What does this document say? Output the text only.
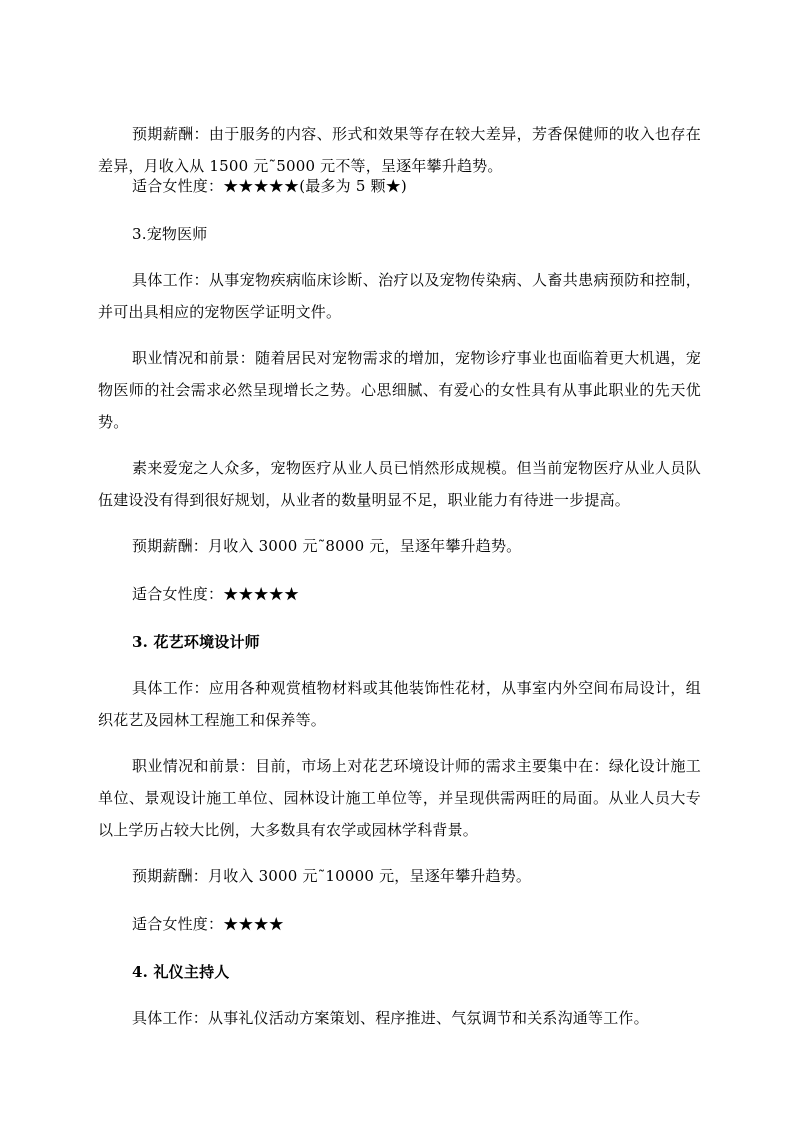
预期薪酬：由于服务的内容、形式和效果等存在较大差异，芳香保健师的收入也存在差异，月收入从 1500 元˜5000 元不等，呈逐年攀升趋势。

适合女性度：★★★★★(最多为 5 颗★)

3.宠物医师

具体工作：从事宠物疾病临床诊断、治疗以及宠物传染病、人畜共患病预防和控制，并可出具相应的宠物医学证明文件。

职业情况和前景：随着居民对宠物需求的增加，宠物诊疗事业也面临着更大机遇，宠物医师的社会需求必然呈现增长之势。心思细腻、有爱心的女性具有从事此职业的先天优势。

素来爱宠之人众多，宠物医疗从业人员已悄然形成规模。但当前宠物医疗从业人员队伍建设没有得到很好规划，从业者的数量明显不足，职业能力有待进一步提高。

预期薪酬：月收入 3000 元˜8000 元，呈逐年攀升趋势。

适合女性度：★★★★★

3. 花艺环境设计师

具体工作：应用各种观赏植物材料或其他装饰性花材，从事室内外空间布局设计，组织花艺及园林工程施工和保养等。

职业情况和前景：目前，市场上对花艺环境设计师的需求主要集中在：绿化设计施工单位、景观设计施工单位、园林设计施工单位等，并呈现供需两旺的局面。从业人员大专以上学历占较大比例，大多数具有农学或园林学科背景。

预期薪酬：月收入 3000 元˜10000 元，呈逐年攀升趋势。

适合女性度：★★★★

4. 礼仪主持人

具体工作：从事礼仪活动方案策划、程序推进、气氛调节和关系沟通等工作。
